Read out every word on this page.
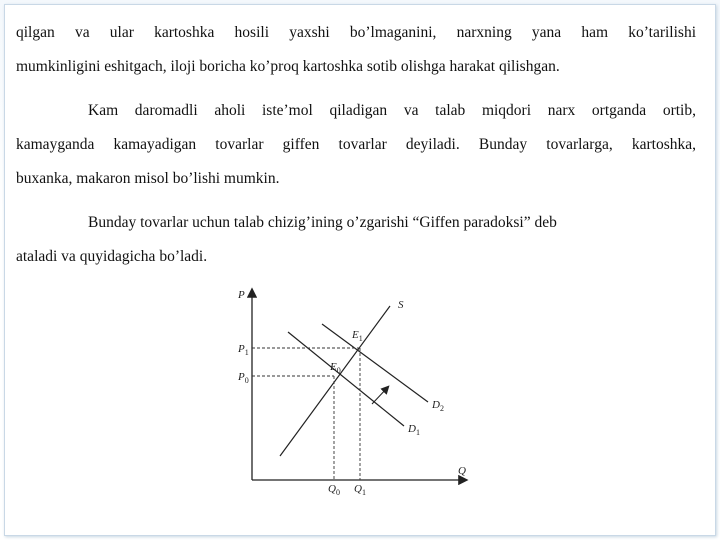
qilgan va ular kartoshka hosili yaxshi bo’lmaganini, narxning yana ham ko’tarilishi
mumkinligini eshitgach, iloji boricha ko’proq kartoshka sotib olishga harakat qilishgan.
Kam daromadli aholi iste’mol qiladigan va talab miqdori narx ortganda ortib,
kamayganda kamayadigan tovarlar giffen tovarlar deyiladi. Bunday tovarlarga, kartoshka,
buxanka, makaron misol bo’lishi mumkin.
Bunday tovarlar uchun talab chizig’ining o’zgarishi “Giffen paradoksi” deb
ataladi va quyidagicha bo’ladi.
P
Q
S
$D_2$
$D_1$
$E_1$
$E_0$
$P_1$
$P_0$
$Q_0$ $Q_1$
